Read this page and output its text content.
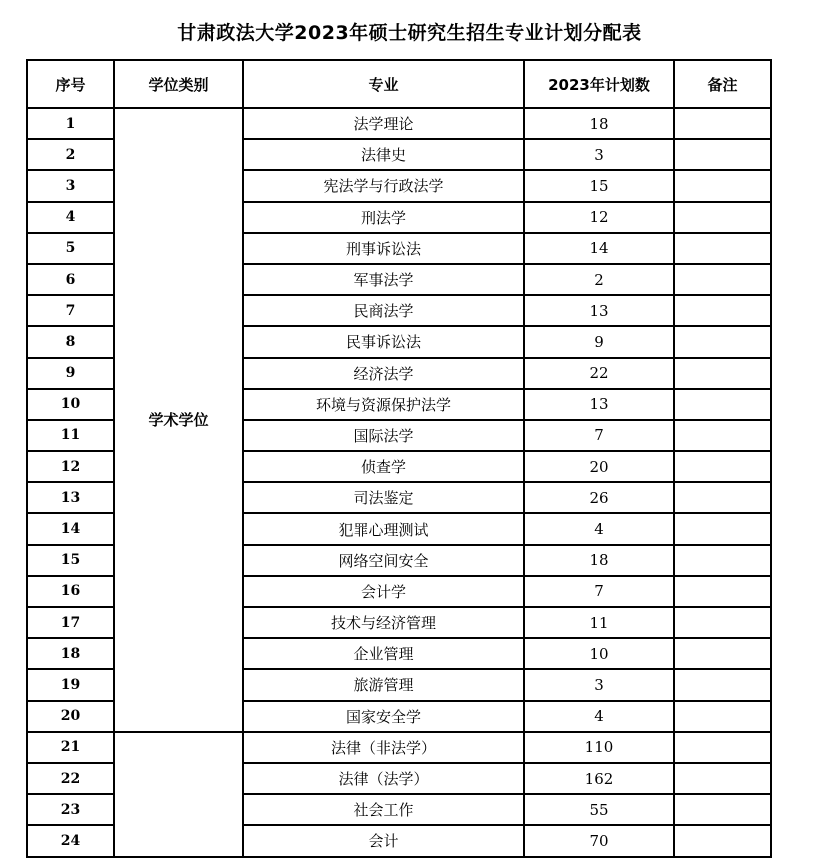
甘肃政法大学2023年硕士研究生招生专业计划分配表
序号	学位类别	专业	2023年计划数	备注
1	学术学位	法学理论	18	
2		法律史	3	
3		宪法学与行政法学	15	
4		刑法学	12	
5		刑事诉讼法	14	
6		军事法学	2	
7		民商法学	13	
8		民事诉讼法	9	
9		经济法学	22	
10		环境与资源保护法学	13	
11		国际法学	7	
12		侦查学	20	
13		司法鉴定	26	
14		犯罪心理测试	4	
15		网络空间安全	18	
16		会计学	7	
17		技术与经济管理	11	
18		企业管理	10	
19		旅游管理	3	
20		国家安全学	4	
21		法律（非法学）	110	
22		法律（法学）	162	
23		社会工作	55	
24		会计	70	
